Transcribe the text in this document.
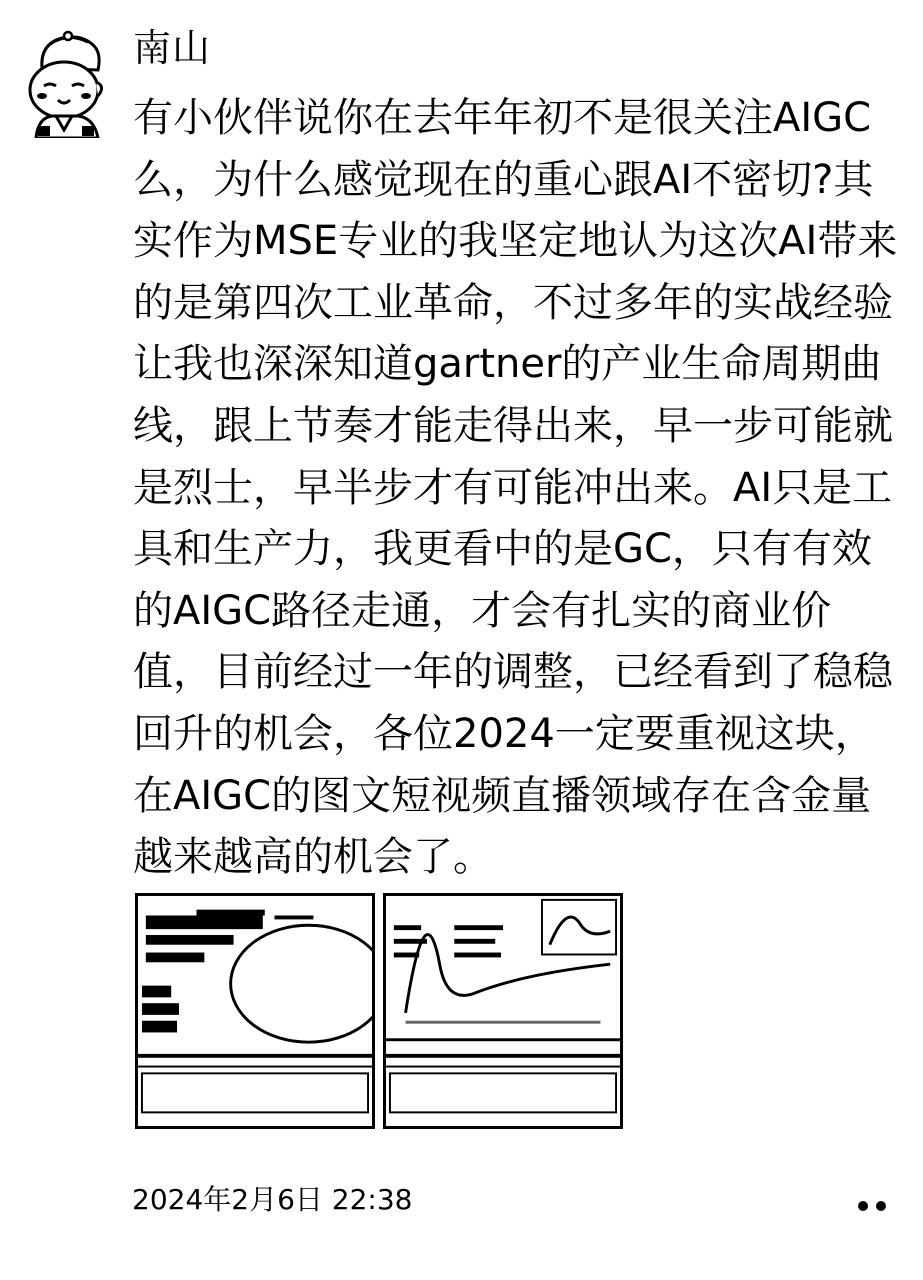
南山
有小伙伴说你在去年年初不是很关注AIGC么，为什么感觉现在的重心跟AI不密切?其实作为MSE专业的我坚定地认为这次AI带来的是第四次工业革命，不过多年的实战经验让我也深深知道gartner的产业生命周期曲线，跟上节奏才能走得出来，早一步可能就是烈士，早半步才有可能冲出来。AI只是工具和生产力，我更看中的是GC，只有有效的AIGC路径走通，才会有扎实的商业价值，目前经过一年的调整，已经看到了稳稳回升的机会，各位2024一定要重视这块，在AIGC的图文短视频直播领域存在含金量越来越高的机会了。
2024年2月6日 22:38
